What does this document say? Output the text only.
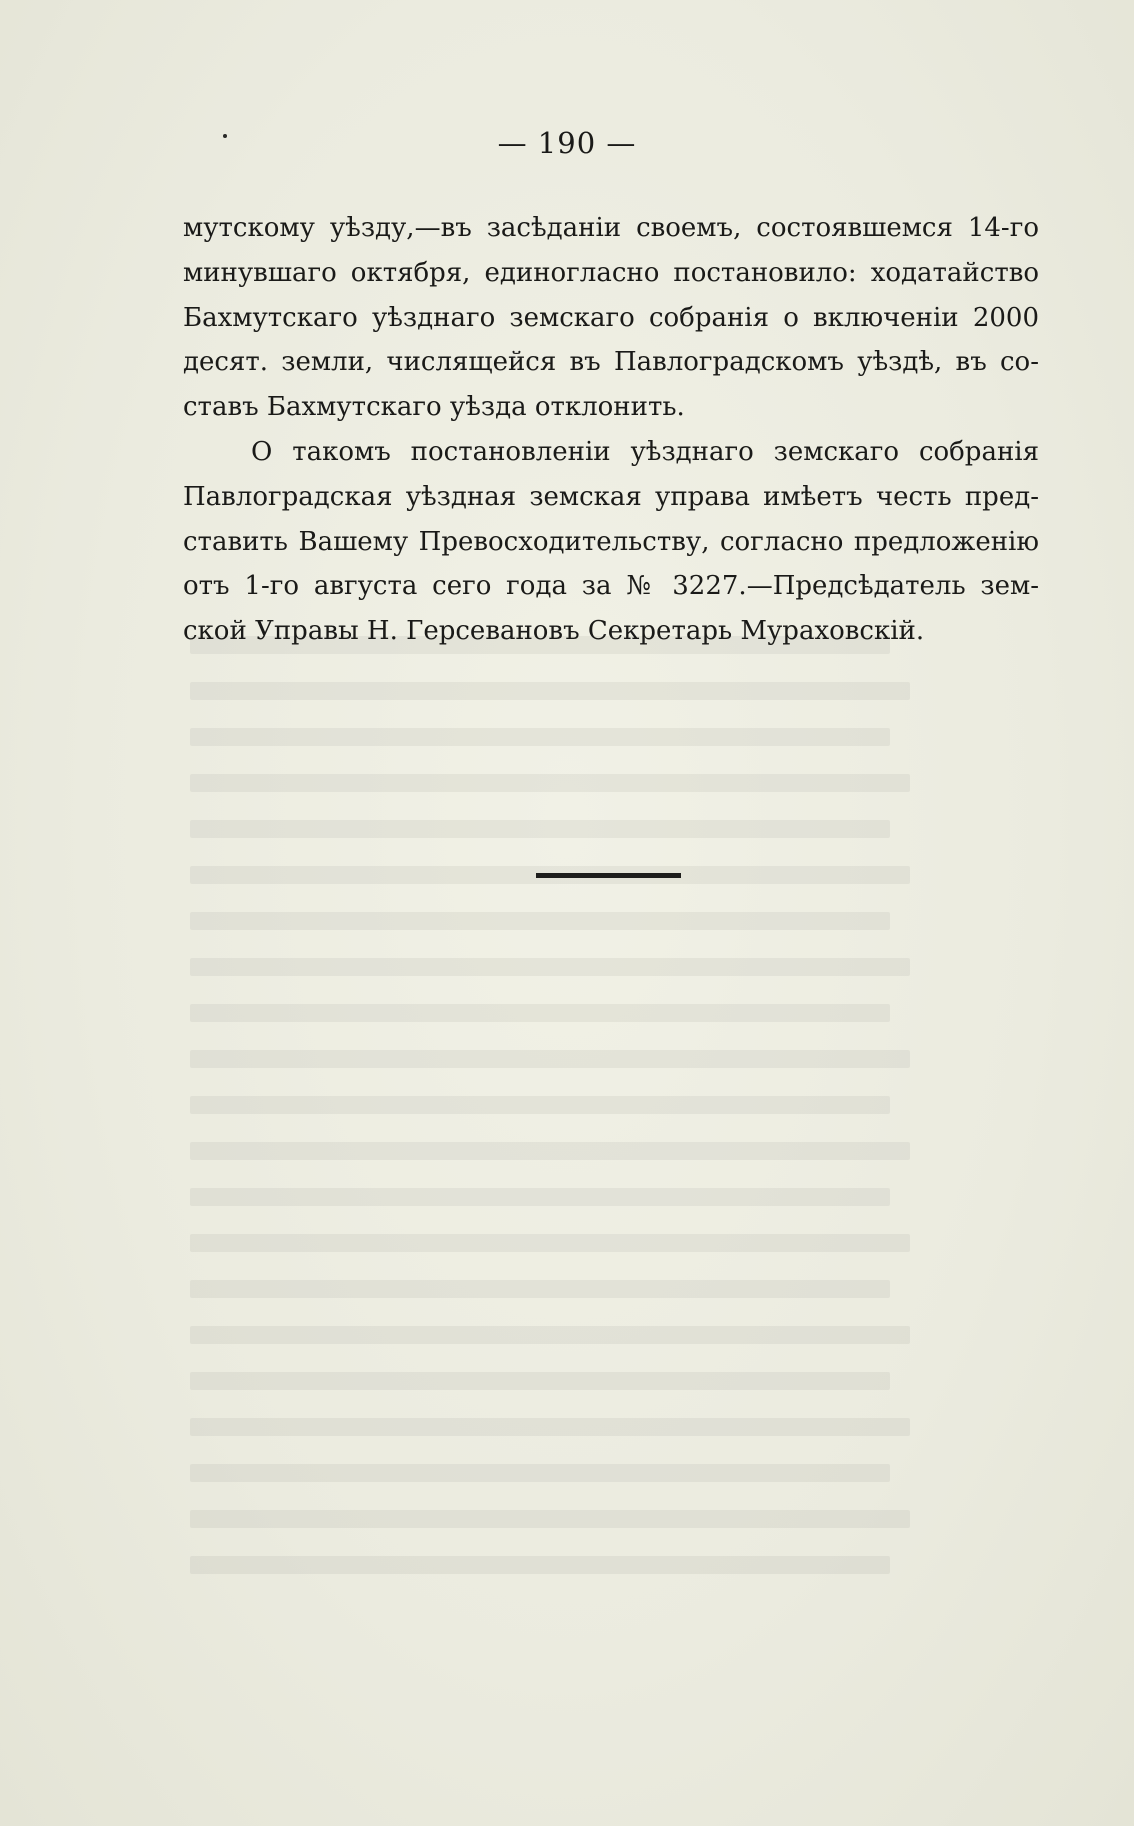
— 190 —
мутскому уѣзду,—въ засѣданіи своемъ, состоявшемся 14-го
минувшаго октября, единогласно постановило: ходатайство
Бахмутскаго уѣзднаго земскаго собранія о включеніи 2000
десят. земли, числящейся въ Павлоградскомъ уѣздѣ, въ со-
ставъ Бахмутскаго уѣзда отклонить.
О такомъ постановленіи уѣзднаго земскаго собранія
Павлоградская уѣздная земская управа имѣетъ честь пред-
ставить Вашему Превосходительству, согласно предложенію
отъ 1-го августа сего года за № 3227.—Предсѣдатель зем-
ской Управы Н. Герсевановъ Секретарь Мураховскій.
